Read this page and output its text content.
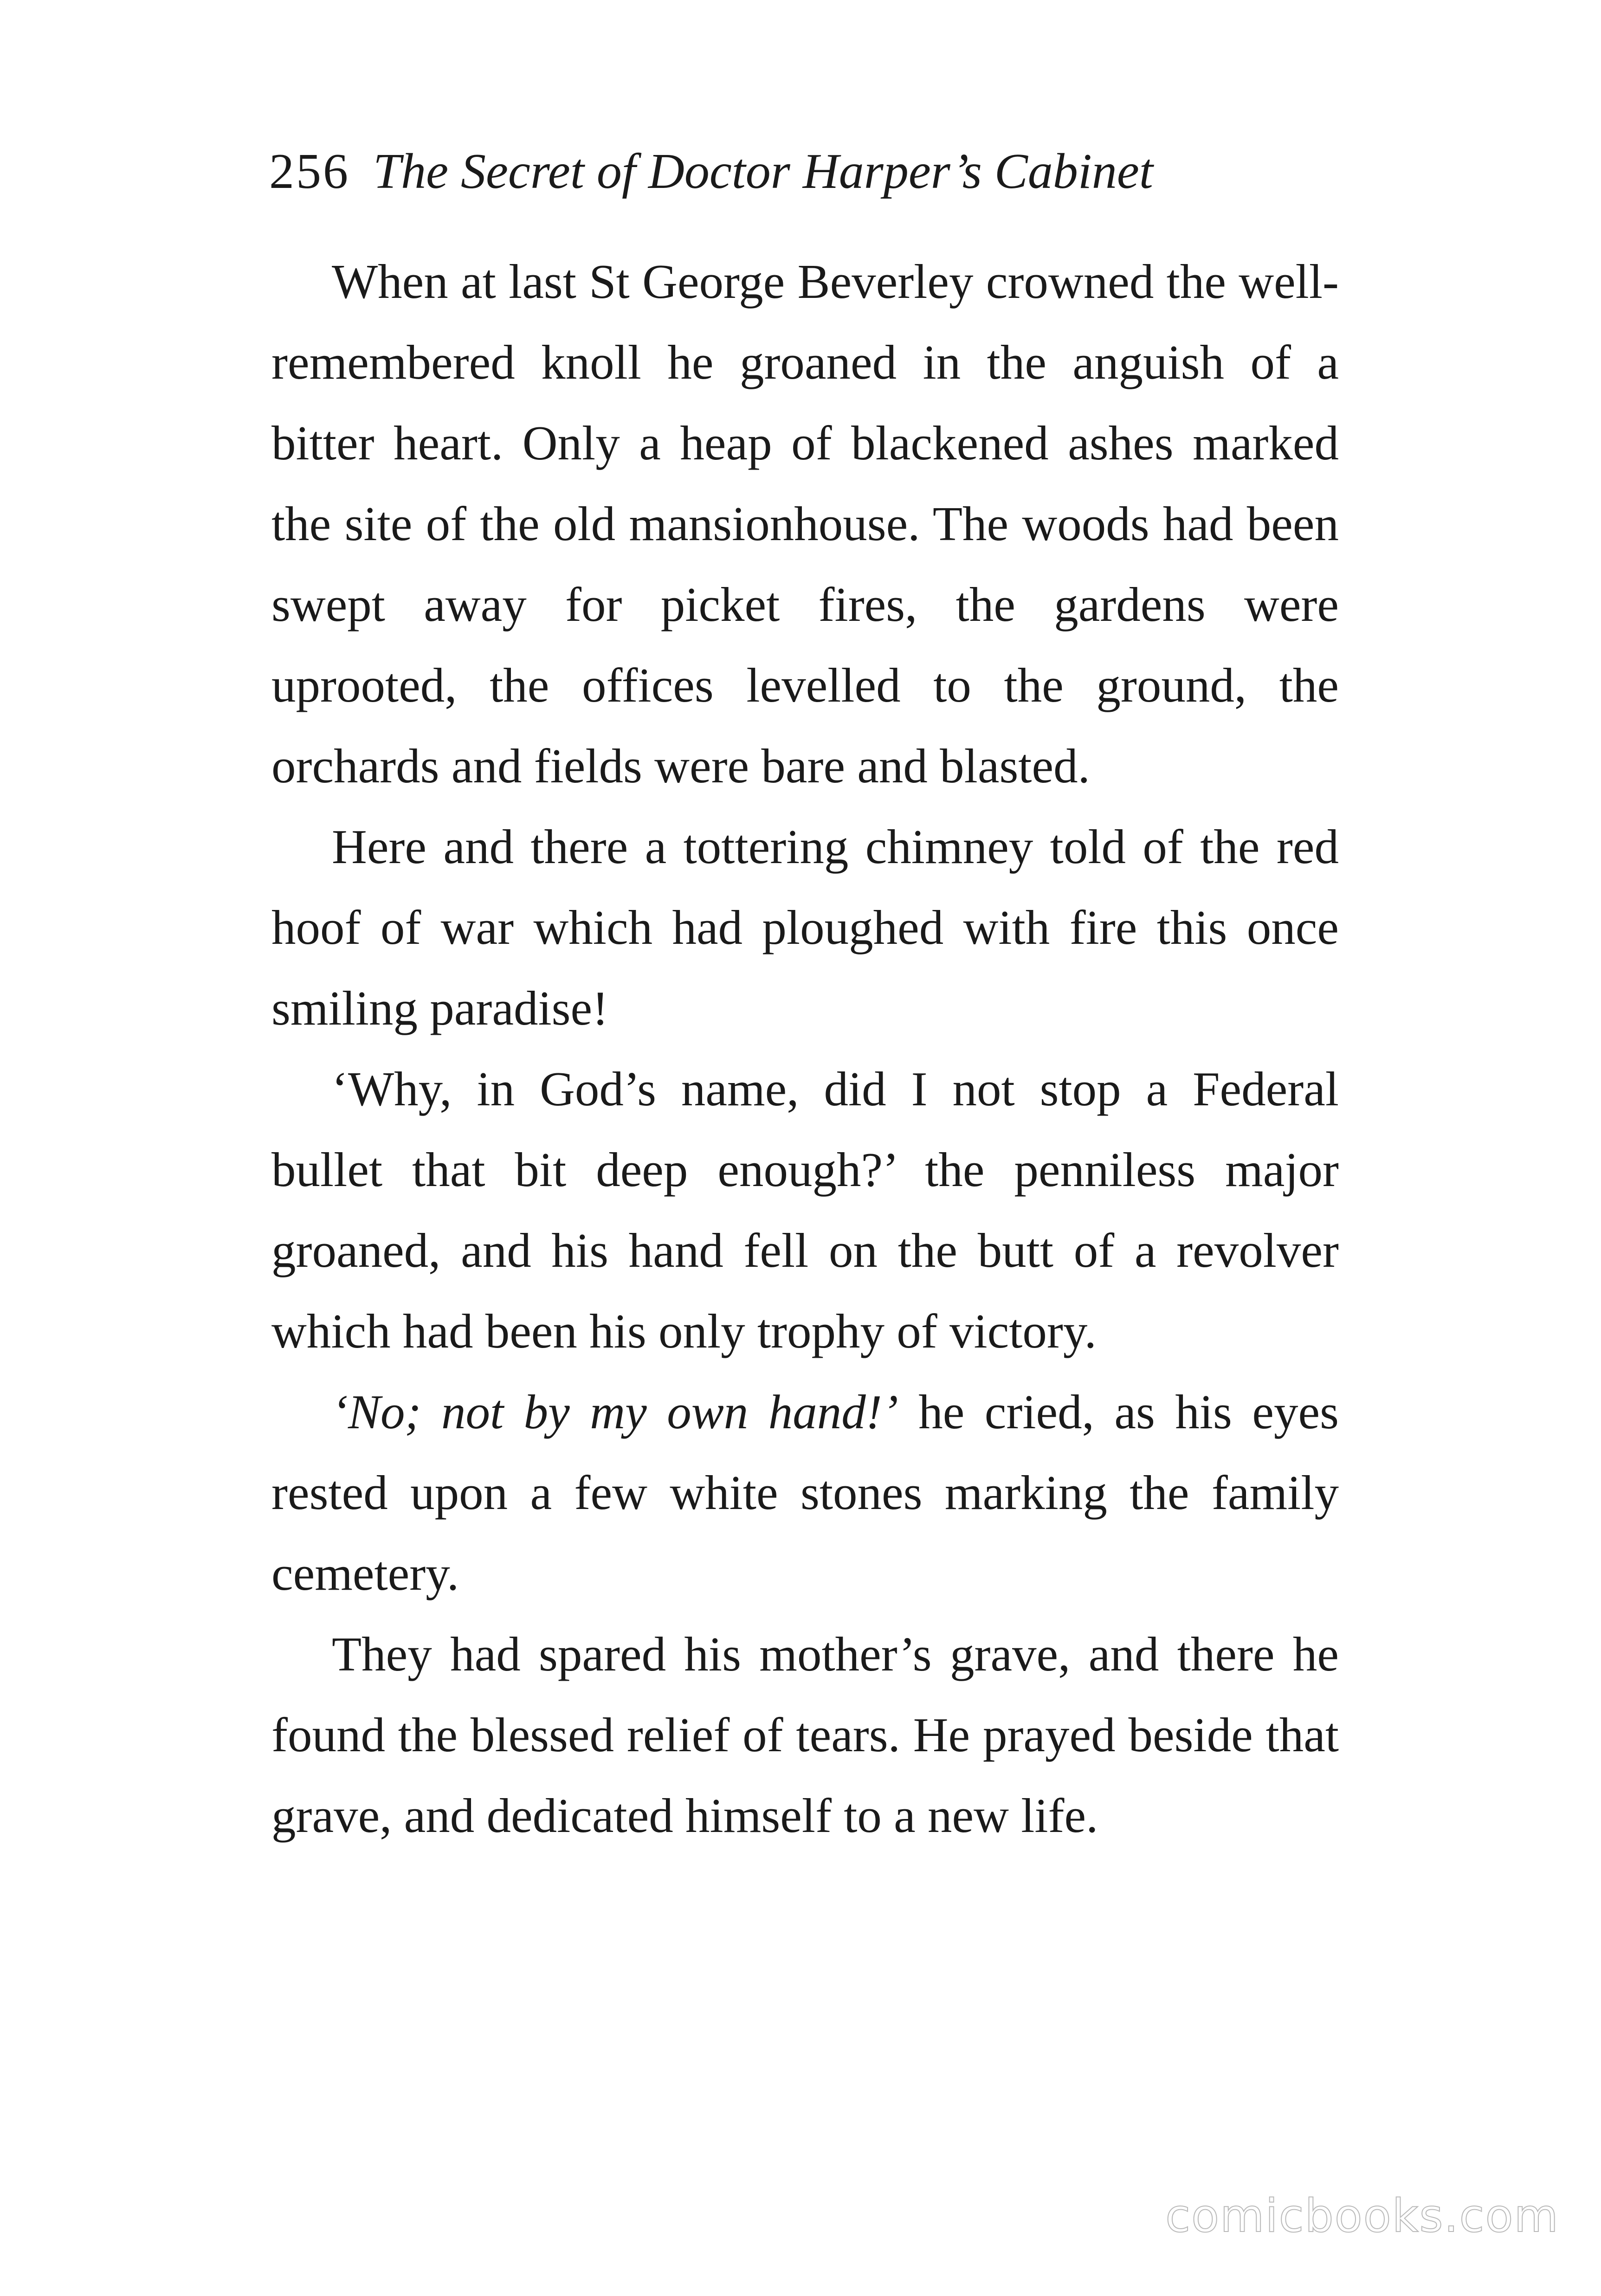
256 The Secret of Doctor Harper’s Cabinet

When at last St George Beverley crowned the well-remembered knoll he groaned in the anguish of a bitter heart. Only a heap of blackened ashes marked the site of the old mansionhouse. The woods had been swept away for picket fires, the gardens were uprooted, the offices levelled to the ground, the orchards and fields were bare and blasted.

Here and there a tottering chimney told of the red hoof of war which had ploughed with fire this once smiling paradise!

‘Why, in God’s name, did I not stop a Federal bullet that bit deep enough?’ the penniless major groaned, and his hand fell on the butt of a revolver which had been his only trophy of victory.

‘No; not by my own hand!’ he cried, as his eyes rested upon a few white stones marking the family cemetery.

They had spared his mother’s grave, and there he found the blessed relief of tears. He prayed beside that grave, and dedicated himself to a new life.

comicbooks.com
